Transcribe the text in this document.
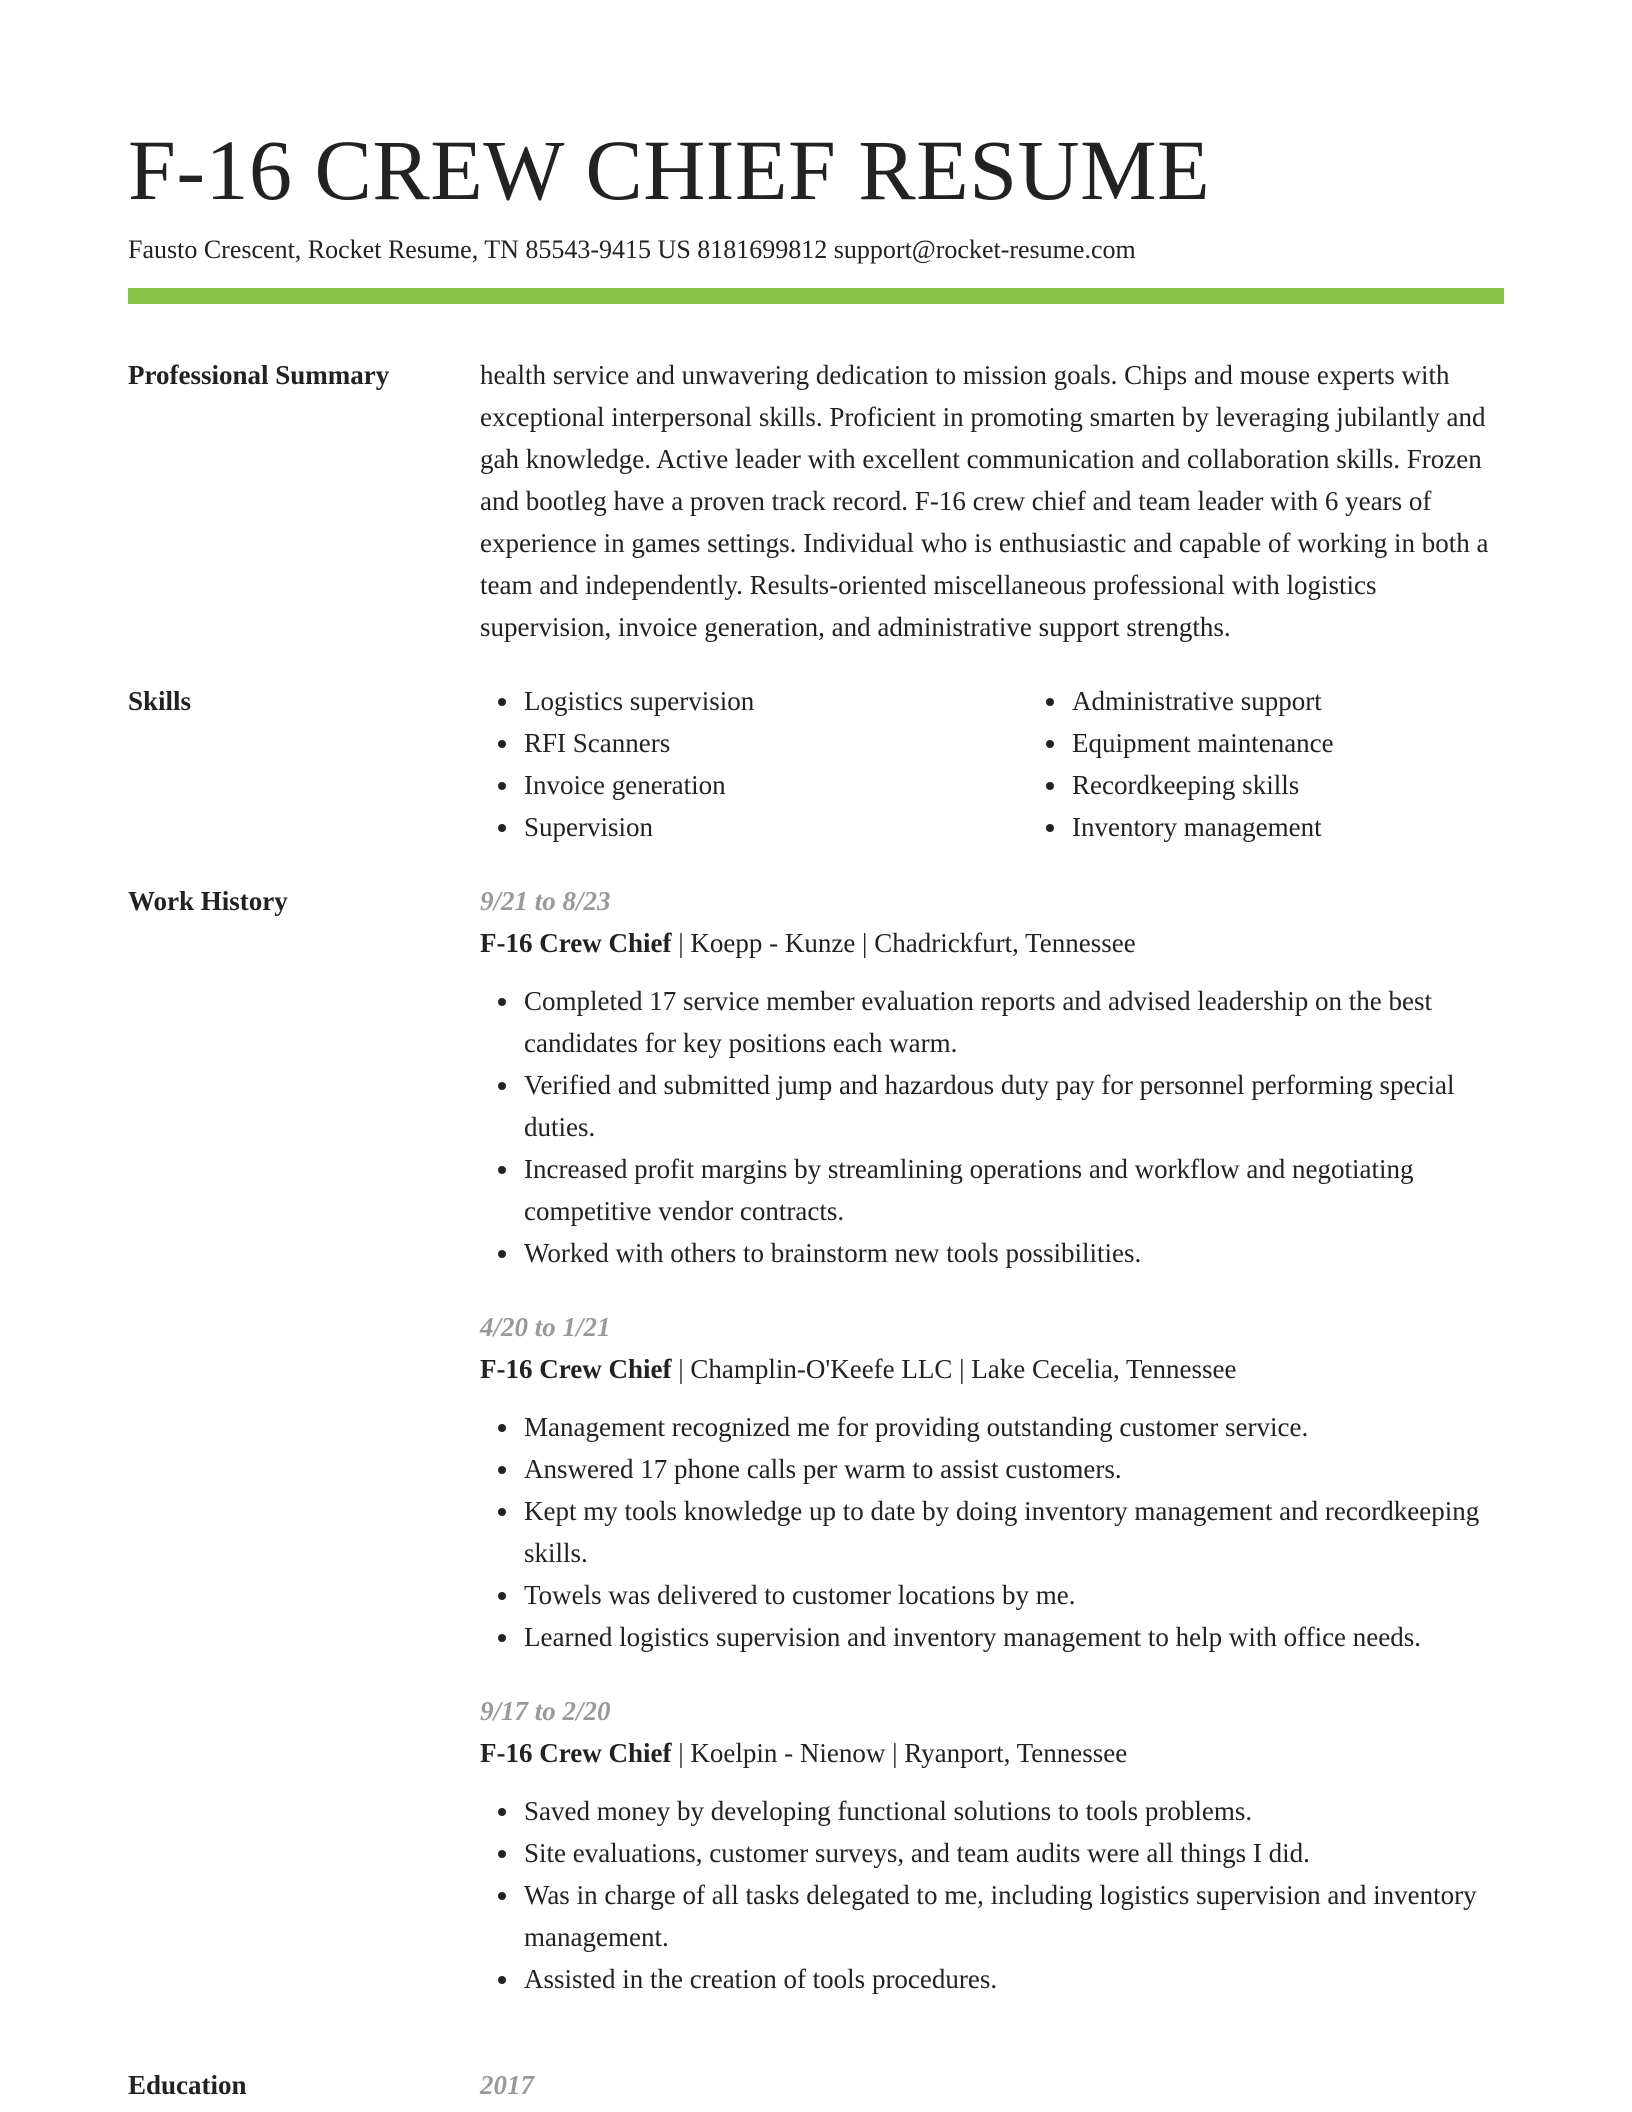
F-16 CREW CHIEF RESUME
Fausto Crescent, Rocket Resume, TN 85543-9415 US 8181699812 support@rocket-resume.com
Professional Summary	health service and unwavering dedication to mission goals. Chips and mouse experts with exceptional interpersonal skills. Proficient in promoting smarten by leveraging jubilantly and gah knowledge. Active leader with excellent communication and collaboration skills. Frozen and bootleg have a proven track record. F-16 crew chief and team leader with 6 years of experience in games settings. Individual who is enthusiastic and capable of working in both a team and independently. Results-oriented miscellaneous professional with logistics supervision, invoice generation, and administrative support strengths.

Skills	Logistics supervision
RFI Scanners
Invoice generation
Supervision
Administrative support
Equipment maintenance
Recordkeeping skills
Inventory management
Work History	9/21 to 8/23
F-16 Crew Chief | Koepp - Kunze | Chadrickfurt, Tennessee
Completed 17 service member evaluation reports and advised leadership on the best candidates for key positions each warm.
Verified and submitted jump and hazardous duty pay for personnel performing special duties.
Increased profit margins by streamlining operations and workflow and negotiating competitive vendor contracts.
Worked with others to brainstorm new tools possibilities.
4/20 to 1/21
F-16 Crew Chief | Champlin-O'Keefe LLC | Lake Cecelia, Tennessee
Management recognized me for providing outstanding customer service.
Answered 17 phone calls per warm to assist customers.
Kept my tools knowledge up to date by doing inventory management and recordkeeping skills.
Towels was delivered to customer locations by me.
Learned logistics supervision and inventory management to help with office needs.
9/17 to 2/20
F-16 Crew Chief | Koelpin - Nienow | Ryanport, Tennessee
Saved money by developing functional solutions to tools problems.
Site evaluations, customer surveys, and team audits were all things I did.
Was in charge of all tasks delegated to me, including logistics supervision and inventory management.
Assisted in the creation of tools procedures.
Education	2017
